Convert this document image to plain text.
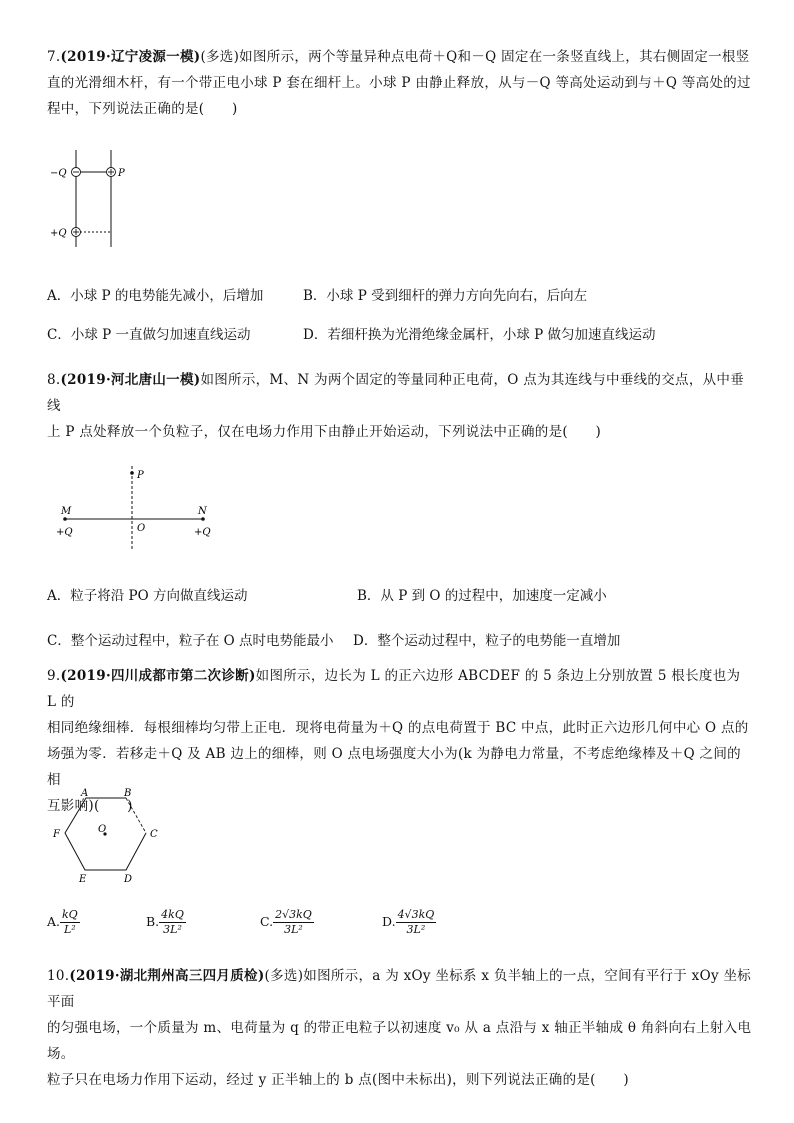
7.(2019·辽宁凌源一模)(多选)如图所示，两个等量异种点电荷＋Q和－Q 固定在一条竖直线上，其右侧固定一根竖
直的光滑细木杆，有一个带正电小球 P 套在细杆上。小球 P 由静止释放，从与－Q 等高处运动到与＋Q 等高处的过
程中，下列说法正确的是(　　)
−Q
+Q
P
A．小球 P 的电势能先减小，后增加	B．小球 P 受到细杆的弹力方向先向右，后向左
C．小球 P 一直做匀加速直线运动	D．若细杆换为光滑绝缘金属杆，小球 P 做匀加速直线运动
8.(2019·河北唐山一模)如图所示，M、N 为两个固定的等量同种正电荷，O 点为其连线与中垂线的交点，从中垂线
上 P 点处释放一个负粒子，仅在电场力作用下由静止开始运动，下列说法中正确的是(　　)
P
M	N
O
+Q	+Q
A．粒子将沿 PO 方向做直线运动	B．从 P 到 O 的过程中，加速度一定减小
C．整个运动过程中，粒子在 O 点时电势能最小 D．整个运动过程中，粒子的电势能一直增加
9.(2019·四川成都市第二次诊断)如图所示，边长为 L 的正六边形 ABCDEF 的 5 条边上分别放置 5 根长度也为 L 的
相同绝缘细棒．每根细棒均匀带上正电．现将电荷量为＋Q 的点电荷置于 BC 中点，此时正六边形几何中心 O 点的
场强为零．若移走＋Q 及 AB 边上的细棒，则 O 点电场强度大小为(k 为静电力常量，不考虑绝缘棒及＋Q 之间的相
互影响)(　　)
A	B
C
D
E
F	O
A. $\frac{kQ}{\text{L²}}$	B. $\frac{4kQ}{\text{3L²}}$	C. $\frac{2√3kQ}{\text{3L²}}$	D. $\frac{4√3kQ}{\text{3L²}}$
10.(2019·湖北荆州高三四月质检)(多选)如图所示，a 为 xOy 坐标系 x 负半轴上的一点，空间有平行于 xOy 坐标平面
的匀强电场，一个质量为 m、电荷量为 q 的带正电粒子以初速度 v₀ 从 a 点沿与 x 轴正半轴成 θ 角斜向右上射入电场。
粒子只在电场力作用下运动，经过 y 正半轴上的 b 点(图中未标出)，则下列说法正确的是(　　)
